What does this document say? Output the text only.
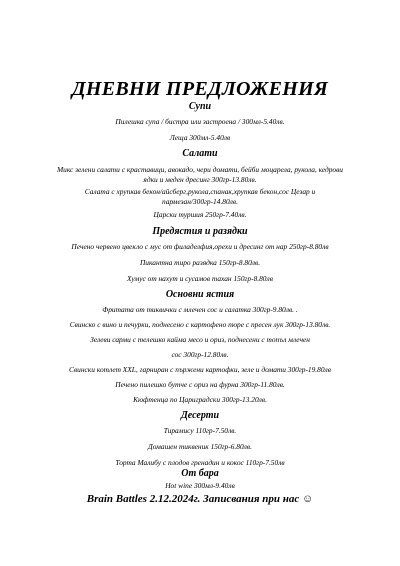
ДНЕВНИ ПРЕДЛОЖЕНИЯ
Супи
Пилешка супа / бистра или застроена / 300мл-5.40лв.
Леща 300мл-5.40лв
Салати
Микс зелени салати с краставици, авокадо, чери домати, бейби моцарела, рукола, кедрови ядки и меден дресинг 300гр-13.80лв.
Салата с хрупкав бекон/айсберг,рукола,спанак,хрупкав бекон,сос Цезар и пармезан/300гр-14.80лв.
Царски туршия 250гр-7.40лв.
Предястия и разядки
Печено червено цвекло с мус от филаделфия,орехи и дресинг от нар 250гр-8.80лв
Пикантна тиро разядка 150гр-8.80лв.
Хумус от нахут и сусамов тахан 150гр-8.80лв
Основни ястия
Фритата от тиквички с млечен сос и салатка 300гр-9.80лв. .
Свинско с вино и печурки, поднесено с картофено пюре с пресен лук 300гр-13.80лв.
Зелеви сарми с телешко кайма месо и ориз, поднесени с топъл млечен
сос 300гр-12.80лв.
Свински котлет XXL, гарниран с пържени картофки, зеле и домати 300гр-19.80лв
Печено пилешко бутче с ориз на фурна 300гр-11.80лв.
Кюфтенца по Цариградски 300гр-13.20лв.
Десерти
Тирамису 110гр-7.50лв.
Домашен тиквеник 150гр-6.80лв.
Торта Малибу с плодов гренадин и кокос 110гр-7.50лв
От бара
Hot wine 300мл-9.40лв
Brain Battles 2.12.2024г. Записвания при нас ☺
